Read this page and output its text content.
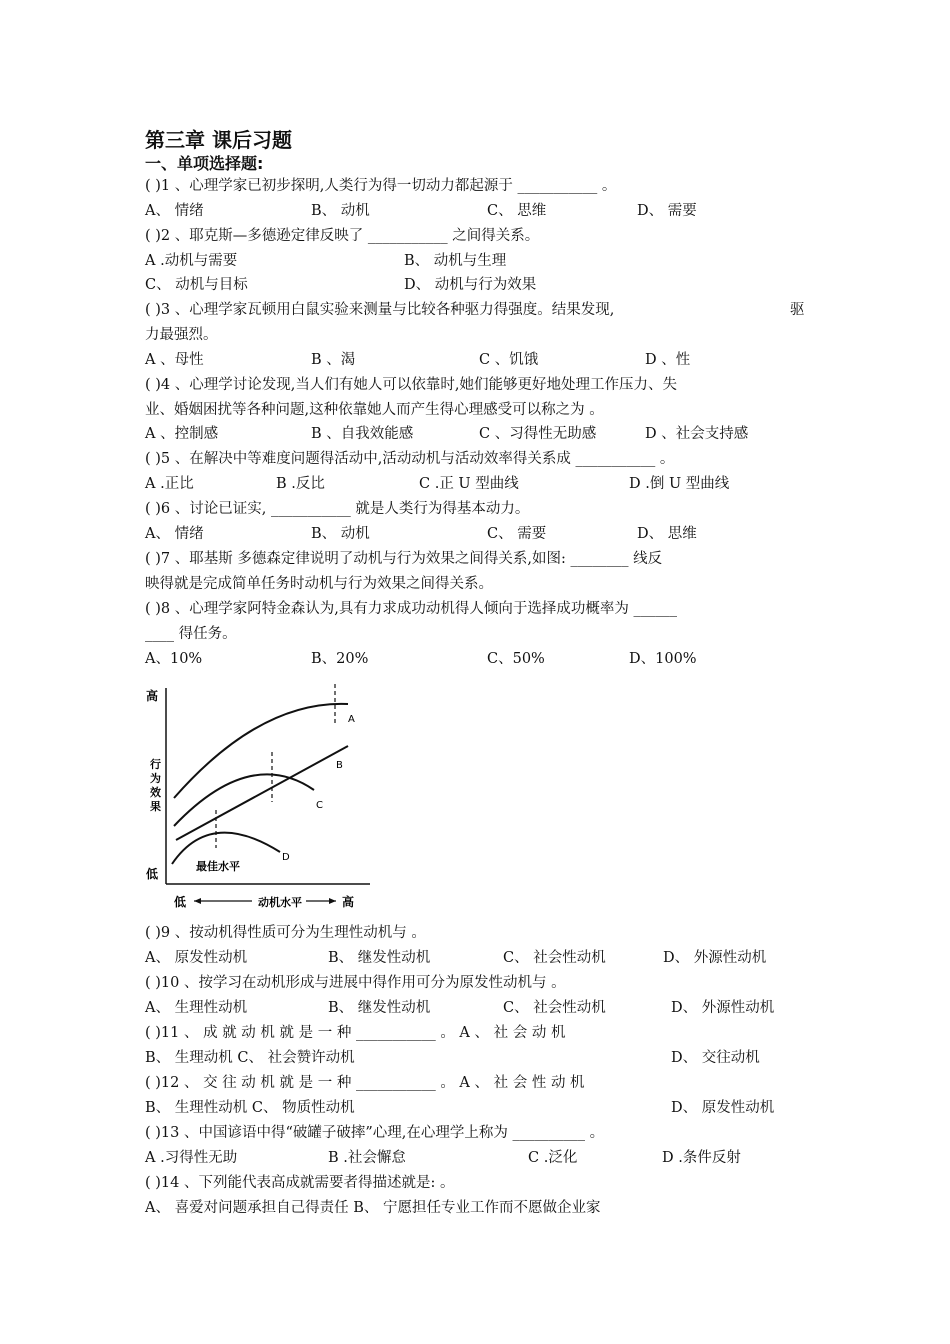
第三章 课后习题
一、单项选择题:
( )1 、心理学家已初步探明,人类行为得一切动力都起源于 ___________ 。
A、 情绪	B、 动机	C、 思维	D、 需要
( )2 、耶克斯—多德逊定律反映了 ___________ 之间得关系。
A .动机与需要	B、 动机与生理
C、 动机与目标	D、 动机与行为效果
( )3 、心理学家瓦顿用白鼠实验来测量与比较各种驱力得强度。结果发现,	驱
力最强烈。
A 、母性	B 、渴	C 、饥饿	D 、性
( )4 、心理学讨论发现,当人们有她人可以依靠时,她们能够更好地处理工作压力、失
业、婚姻困扰等各种问题,这种依靠她人而产生得心理感受可以称之为 。
A 、控制感	B 、自我效能感	C 、习得性无助感	D 、社会支持感
( )5 、在解决中等难度问题得活动中,活动动机与活动效率得关系成 ___________ 。
A .正比	B .反比	C .正 U 型曲线	D .倒 U 型曲线
( )6 、讨论已证实, ___________ 就是人类行为得基本动力。
A、 情绪	B、 动机	C、 需要	D、 思维
( )7 、耶基斯 多德森定律说明了动机与行为效果之间得关系,如图: ________ 线反
映得就是完成简单任务时动机与行为效果之间得关系。
( )8 、心理学家阿特金森认为,具有力求成功动机得人倾向于选择成功概率为 ______
____ 得任务。
A、10%	B、20%	C、50%	D、100%
高
低
行
为
效
果
低	动机水平	高
A
B
C
D
最佳水平
( )9 、按动机得性质可分为生理性动机与 。
A、 原发性动机	B、 继发性动机	C、 社会性动机	D、 外源性动机
( )10 、按学习在动机形成与进展中得作用可分为原发性动机与 。
A、 生理性动机	B、 继发性动机	C、 社会性动机	D、 外源性动机
( )11 、 成 就 动 机 就 是 一 种 ___________ 。 A 、 社 会 动 机
B、 生理动机 C、 社会赞许动机	D、 交往动机
( )12 、 交 往 动 机 就 是 一 种 ___________ 。 A 、 社 会 性 动 机
B、 生理性动机 C、 物质性动机	D、 原发性动机
( )13 、中国谚语中得“破罐子破摔”心理,在心理学上称为 __________ 。
A .习得性无助	B .社会懈怠	C .泛化	D .条件反射
( )14 、下列能代表高成就需要者得描述就是: 。
A、 喜爱对问题承担自己得责任 B、 宁愿担任专业工作而不愿做企业家
